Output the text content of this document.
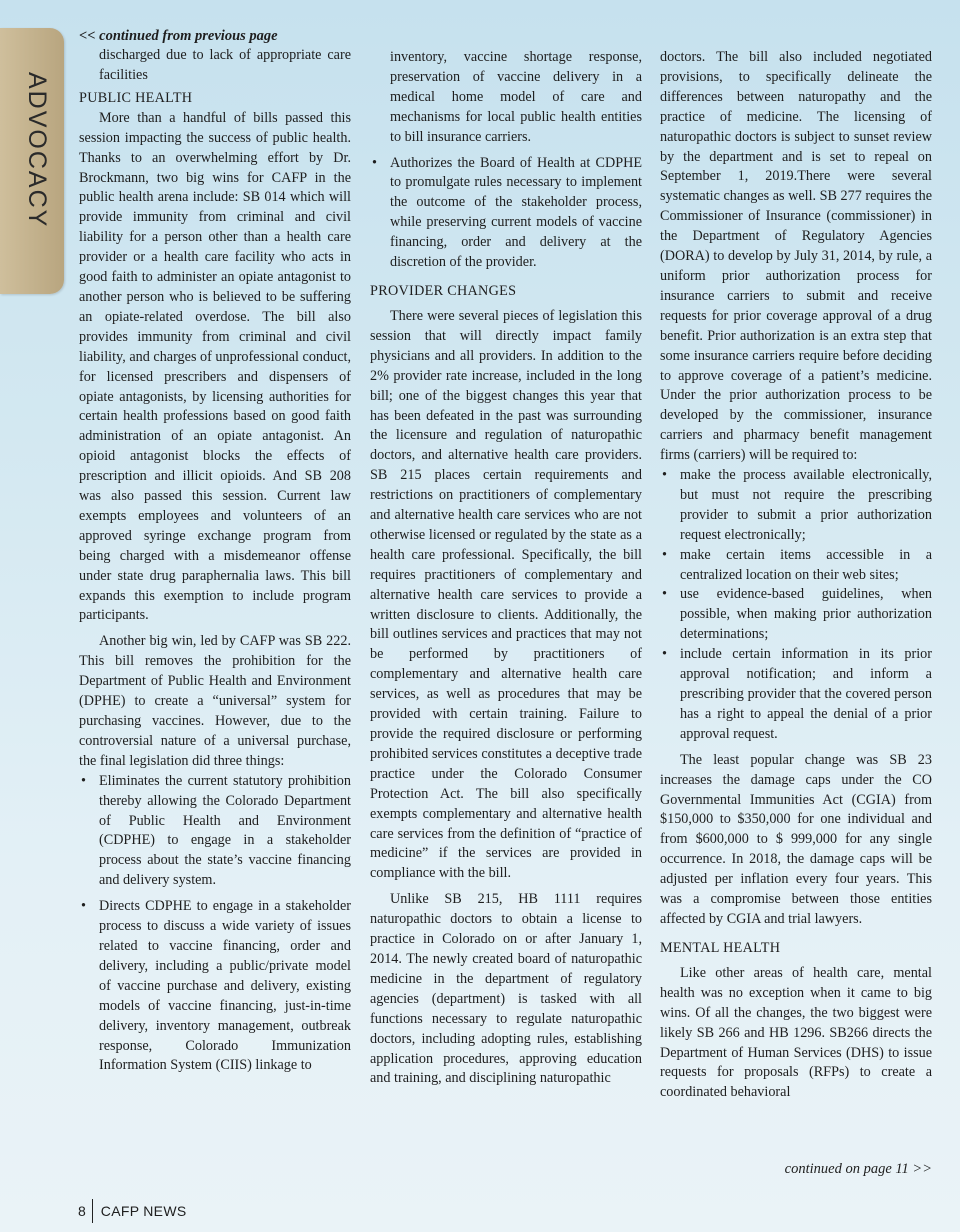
ADVOCACY
<< continued from previous page
discharged due to lack of appropriate care facilities
PUBLIC HEALTH

More than a handful of bills passed this session impacting the success of public health. Thanks to an overwhelming effort by Dr. Brockmann, two big wins for CAFP in the public health arena include: SB 014 which will provide immunity from criminal and civil liability for a person other than a health care provider or a health care facility who acts in good faith to administer an opiate antagonist to another person who is believed to be suffering an opiate-related overdose. The bill also provides immunity from criminal and civil liability, and charges of unprofessional conduct, for licensed prescribers and dispensers of opiate antagonists, by licensing authorities for certain health professions based on good faith administration of an opiate antagonist. An opioid antagonist blocks the effects of prescription and illicit opioids. And SB 208 was also passed this session. Current law exempts employees and volunteers of an approved syringe exchange program from being charged with a misdemeanor offense under state drug paraphernalia laws. This bill expands this exemption to include program participants.

Another big win, led by CAFP was SB 222. This bill removes the prohibition for the Department of Public Health and Environment (DPHE) to create a “universal” system for purchasing vaccines. However, due to the controversial nature of a universal purchase, the final legislation did three things:

• Eliminates the current statutory prohibition thereby allowing the Colorado Department of Public Health and Environment (CDPHE) to engage in a stakeholder process about the state’s vaccine financing and delivery system.
• Directs CDPHE to engage in a stakeholder process to discuss a wide variety of issues related to vaccine financing, order and delivery, including a public/private model of vaccine purchase and delivery, existing models of vaccine financing, just-in-time delivery, inventory management, outbreak response, Colorado Immunization Information System (CIIS) linkage to
inventory, vaccine shortage response, preservation of vaccine delivery in a medical home model of care and mechanisms for local public health entities to bill insurance carriers.
• Authorizes the Board of Health at CDPHE to promulgate rules necessary to implement the outcome of the stakeholder process, while preserving current models of vaccine financing, order and delivery at the discretion of the provider.
PROVIDER CHANGES

There were several pieces of legislation this session that will directly impact family physicians and all providers. In addition to the 2% provider rate increase, included in the long bill; one of the biggest changes this year that has been defeated in the past was surrounding the licensure and regulation of naturopathic doctors, and alternative health care providers. SB 215 places certain requirements and restrictions on practitioners of complementary and alternative health care services who are not otherwise licensed or regulated by the state as a health care professional. Specifically, the bill requires practitioners of complementary and alternative health care services to provide a written disclosure to clients. Additionally, the bill outlines services and practices that may not be performed by practitioners of complementary and alternative health care services, as well as procedures that may be provided with certain training. Failure to provide the required disclosure or performing prohibited services constitutes a deceptive trade practice under the Colorado Consumer Protection Act. The bill also specifically exempts complementary and alternative health care services from the definition of “practice of medicine” if the services are provided in compliance with the bill.

Unlike SB 215, HB 1111 requires naturopathic doctors to obtain a license to practice in Colorado on or after January 1, 2014. The newly created board of naturopathic medicine in the department of regulatory agencies (department) is tasked with all functions necessary to regulate naturopathic doctors, including adopting rules, establishing application procedures, approving education and training, and disciplining naturopathic

doctors. The bill also included negotiated provisions, to specifically delineate the differences between naturopathy and the practice of medicine. The licensing of naturopathic doctors is subject to sunset review by the department and is set to repeal on September 1, 2019.There were several systematic changes as well. SB 277 requires the Commissioner of Insurance (commissioner) in the Department of Regulatory Agencies (DORA) to develop by July 31, 2014, by rule, a uniform prior authorization process for insurance carriers to submit and receive requests for prior coverage approval of a drug benefit. Prior authorization is an extra step that some insurance carriers require before deciding to approve coverage of a patient’s medicine. Under the prior authorization process to be developed by the commissioner, insurance carriers and pharmacy benefit management firms (carriers) will be required to:

• make the process available electronically, but must not require the prescribing provider to submit a prior authorization request electronically;
• make certain items accessible in a centralized location on their web sites;
• use evidence-based guidelines, when possible, when making prior authorization determinations;
• include certain information in its prior approval notification; and inform a prescribing provider that the covered person has a right to appeal the denial of a prior approval request.

The least popular change was SB 23 increases the damage caps under the CO Governmental Immunities Act (CGIA) from $150,000 to $350,000 for one individual and from $600,000 to $ 999,000 for any single occurrence. In 2018, the damage caps will be adjusted per inflation every four years. This was a compromise between those entities affected by CGIA and trial lawyers.

MENTAL HEALTH

Like other areas of health care, mental health was no exception when it came to big wins. Of all the changes, the two biggest were likely SB 266 and HB 1296. SB266 directs the Department of Human Services (DHS) to issue requests for proposals (RFPs) to create a coordinated behavioral

continued on page 11 >>
8 CAFP NEWS
